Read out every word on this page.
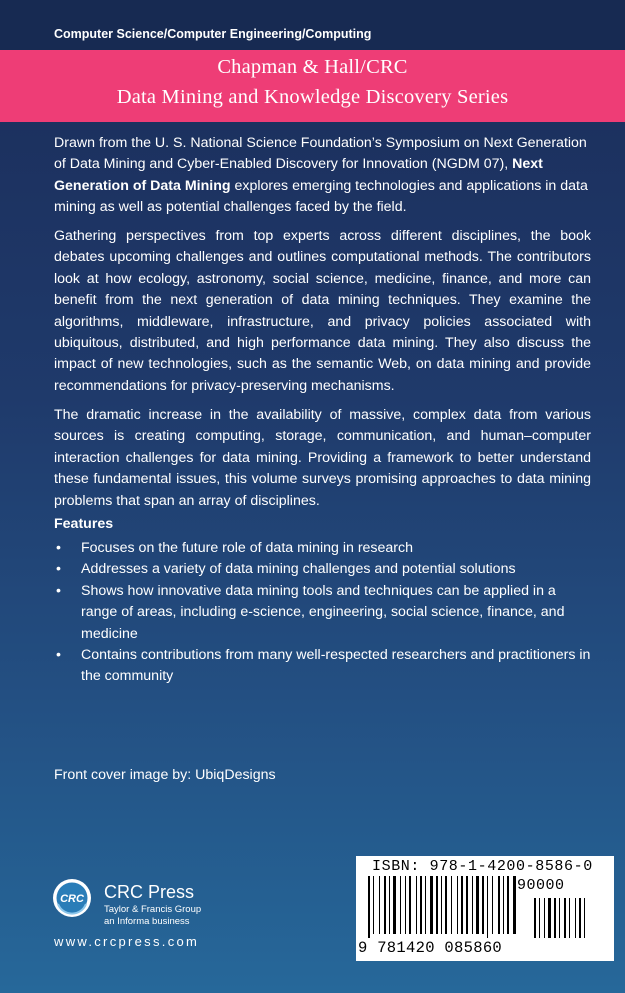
Computer Science/Computer Engineering/Computing
Chapman & Hall/CRC
Data Mining and Knowledge Discovery Series
Drawn from the U. S. National Science Foundation’s Symposium on Next Generation of Data Mining and Cyber-Enabled Discovery for Innovation (NGDM 07), Next Generation of Data Mining explores emerging technologies and applications in data mining as well as potential challenges faced by the field.
Gathering perspectives from top experts across different disciplines, the book debates upcoming challenges and outlines computational methods. The contributors look at how ecology, astronomy, social science, medicine, finance, and more can benefit from the next generation of data mining techniques. They examine the algorithms, middleware, infrastructure, and privacy policies associated with ubiquitous, distributed, and high performance data mining. They also discuss the impact of new technologies, such as the semantic Web, on data mining and provide recommendations for privacy-preserving mechanisms.
The dramatic increase in the availability of massive, complex data from various sources is creating computing, storage, communication, and human–computer interaction challenges for data mining. Providing a framework to better understand these fundamental issues, this volume surveys promising approaches to data mining problems that span an array of disciplines.
Features
• Focuses on the future role of data mining in research
• Addresses a variety of data mining challenges and potential solutions
• Shows how innovative data mining tools and techniques can be applied in a range of areas, including e-science, engineering, social science, finance, and medicine
• Contains contributions from many well-respected researchers and practitioners in the community
Front cover image by: UbiqDesigns
CRC CRC Press
Taylor & Francis Group
an Informa business
www.crcpress.com
ISBN: 978-1-4200-8586-0
90000
9 781420 085860
